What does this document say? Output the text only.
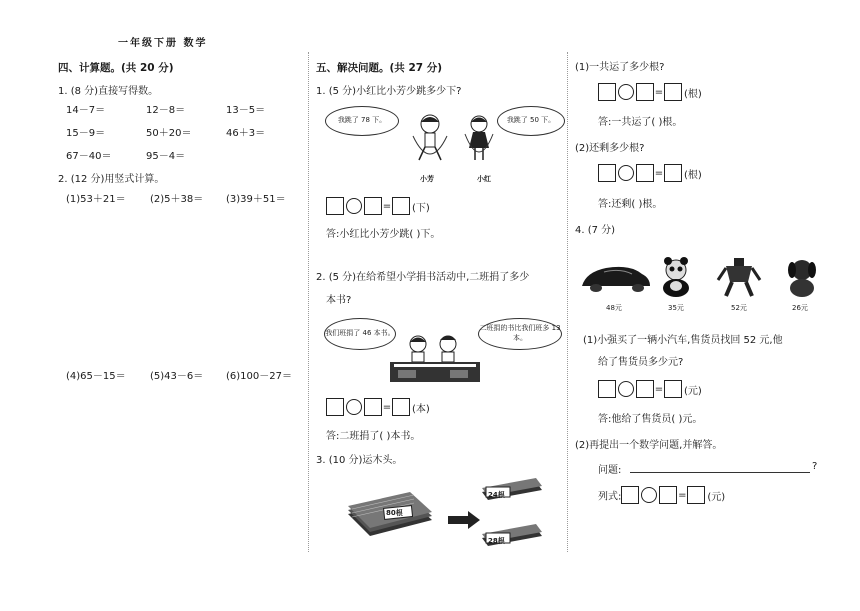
一年级下册 数学
四、计算题。(共 20 分)
1. (8 分)直接写得数。
14－7＝	12－8＝	13－5＝
15－9＝	50＋20＝	46＋3＝
67－40＝	95－4＝
2. (12 分)用竖式计算。
(1)53＋21＝ (2)5＋38＝ (3)39＋51＝
(4)65－15＝ (5)43－6＝ (6)100－27＝
五、解决问题。(共 27 分)
1. (5 分)小红比小芳少跳多少下?
我跳了 78 下。	我跳了 50 下。
小芳	小红
= (下)
答:小红比小芳少跳( )下。
2. (5 分)在给希望小学捐书活动中,二班捐了多少
本书?
我们班捐了 46 本书。
二班捐的书比我们班多 13 本。
= (本)
答:二班捐了( )本书。
3. (10 分)运木头。
80根
24根
28根
(1)一共运了多少根?
= (根)
答:一共运了( )根。
(2)还剩多少根?
= (根)
答:还剩( )根。
4. (7 分)
48元	35元	52元	26元
(1)小强买了一辆小汽车,售货员找回 52 元,他
给了售货员多少元?
= (元)
答:他给了售货员( )元。
(2)再提出一个数学问题,并解答。
问题:	?
列式:	= (元)
